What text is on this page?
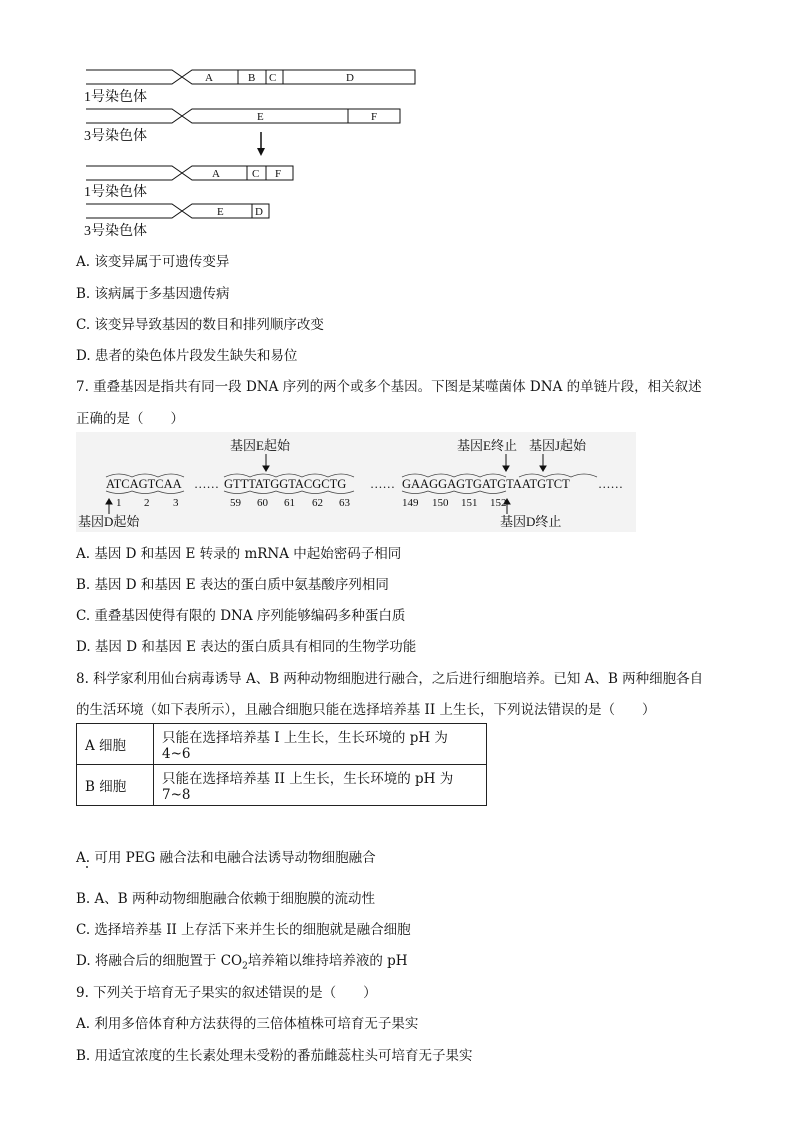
A	B C	D
E	F
A	C F
E	D
1号染色体
3号染色体
1号染色体
3号染色体
A. 该变异属于可遗传变异
B. 该病属于多基因遗传病
C. 该变异导致基因的数目和排列顺序改变
D. 患者的染色体片段发生缺失和易位
7. 重叠基因是指共有同一段 DNA 序列的两个或多个基因。下图是某噬菌体 DNA 的单链片段，相关叙述
正确的是（　　）
基因E起始	基因E终止 基因J起始
基因D起始	基因D终止
ATCAGTCAA …… GTTTATGGTACGCTG …… GAAGGAGTGATGTAATGTCT ……
1 2 3	59 60 61 62 63	149 150 151 152
A. 基因 D 和基因 E 转录的 mRNA 中起始密码子相同
B. 基因 D 和基因 E 表达的蛋白质中氨基酸序列相同
C. 重叠基因使得有限的 DNA 序列能够编码多种蛋白质
D. 基因 D 和基因 E 表达的蛋白质具有相同的生物学功能
8. 科学家利用仙台病毒诱导 A、B 两种动物细胞进行融合，之后进行细胞培养。已知 A、B 两种细胞各自
的生活环境（如下表所示），且融合细胞只能在选择培养基 II 上生长，下列说法错误的是（　　）
A 细胞	只能在选择培养基 I 上生长，生长环境的 pH 为 4~6
B 细胞	只能在选择培养基 II 上生长，生长环境的 pH 为 7~8
A. 可用 PEG 融合法和电融合法诱导动物细胞融合
B. A、B 两种动物细胞融合依赖于细胞膜的流动性
C. 选择培养基 II 上存活下来并生长的细胞就是融合细胞
D. 将融合后的细胞置于 $CO_2$培养箱以维持培养液的 pH
9. 下列关于培育无子果实的叙述错误的是（　　）
A. 利用多倍体育种方法获得的三倍体植株可培育无子果实
B. 用适宜浓度的生长素处理未受粉的番茄雌蕊柱头可培育无子果实
